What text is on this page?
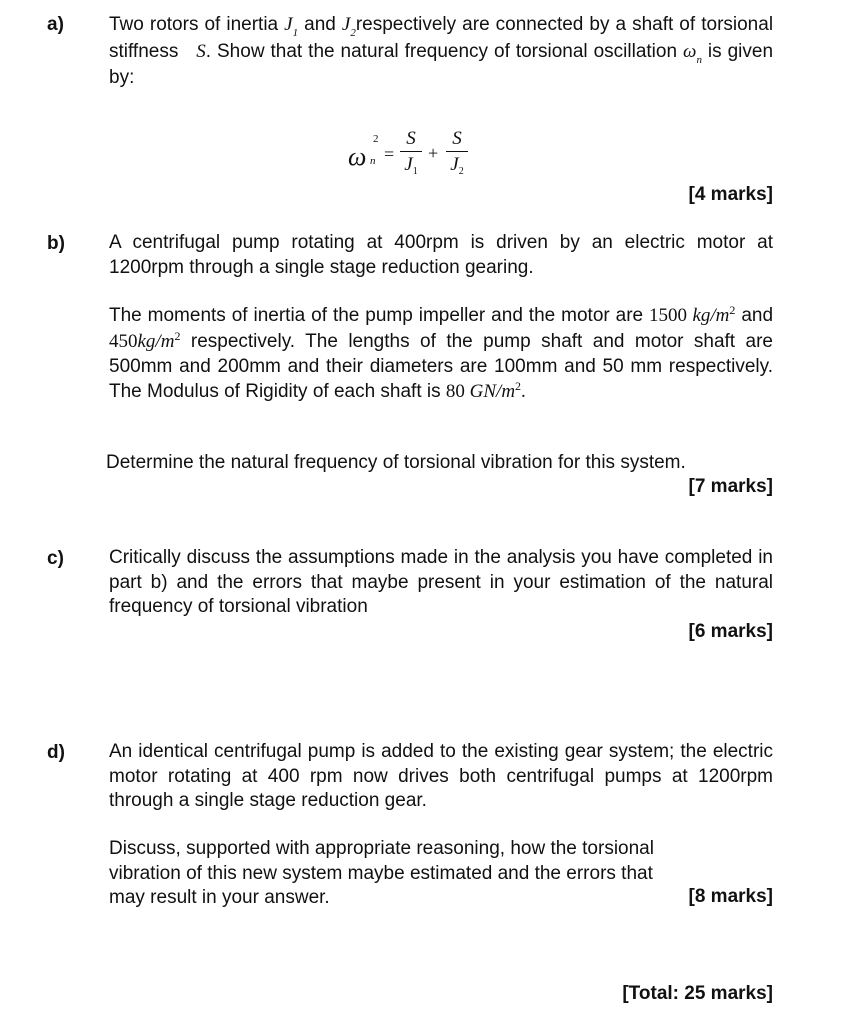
a) Two rotors of inertia $J_1$ and $J_2respectively$ are connected by a shaft of torsional stiffness S. Show that the natural frequency of torsional oscillation $\omega_n$ is given by:
ω
2
n =
S
$J_1$
+
S
$J_2$
[4 marks]
b) A centrifugal pump rotating at 400rpm is driven by an electric motor at 1200rpm through a single stage reduction gearing.
The moments of inertia of the pump impeller and the motor are 1500 $kg/m^2$ and $450kg/m^2$ respectively. The lengths of the pump shaft and motor shaft are 500mm and 200mm and their diameters are 100mm and 50 mm respectively. The Modulus of Rigidity of each shaft is 80 $GN/m^2$.
Determine the natural frequency of torsional vibration for this system.
[7 marks]
c) Critically discuss the assumptions made in the analysis you have completed in part b) and the errors that maybe present in your estimation of the natural frequency of torsional vibration
[6 marks]
d) An identical centrifugal pump is added to the existing gear system; the electric motor rotating at 400 rpm now drives both centrifugal pumps at 1200rpm through a single stage reduction gear.
Discuss, supported with appropriate reasoning, how the torsional vibration of this new system maybe estimated and the errors that may result in your answer.	[8 marks]
[Total: 25 marks]
